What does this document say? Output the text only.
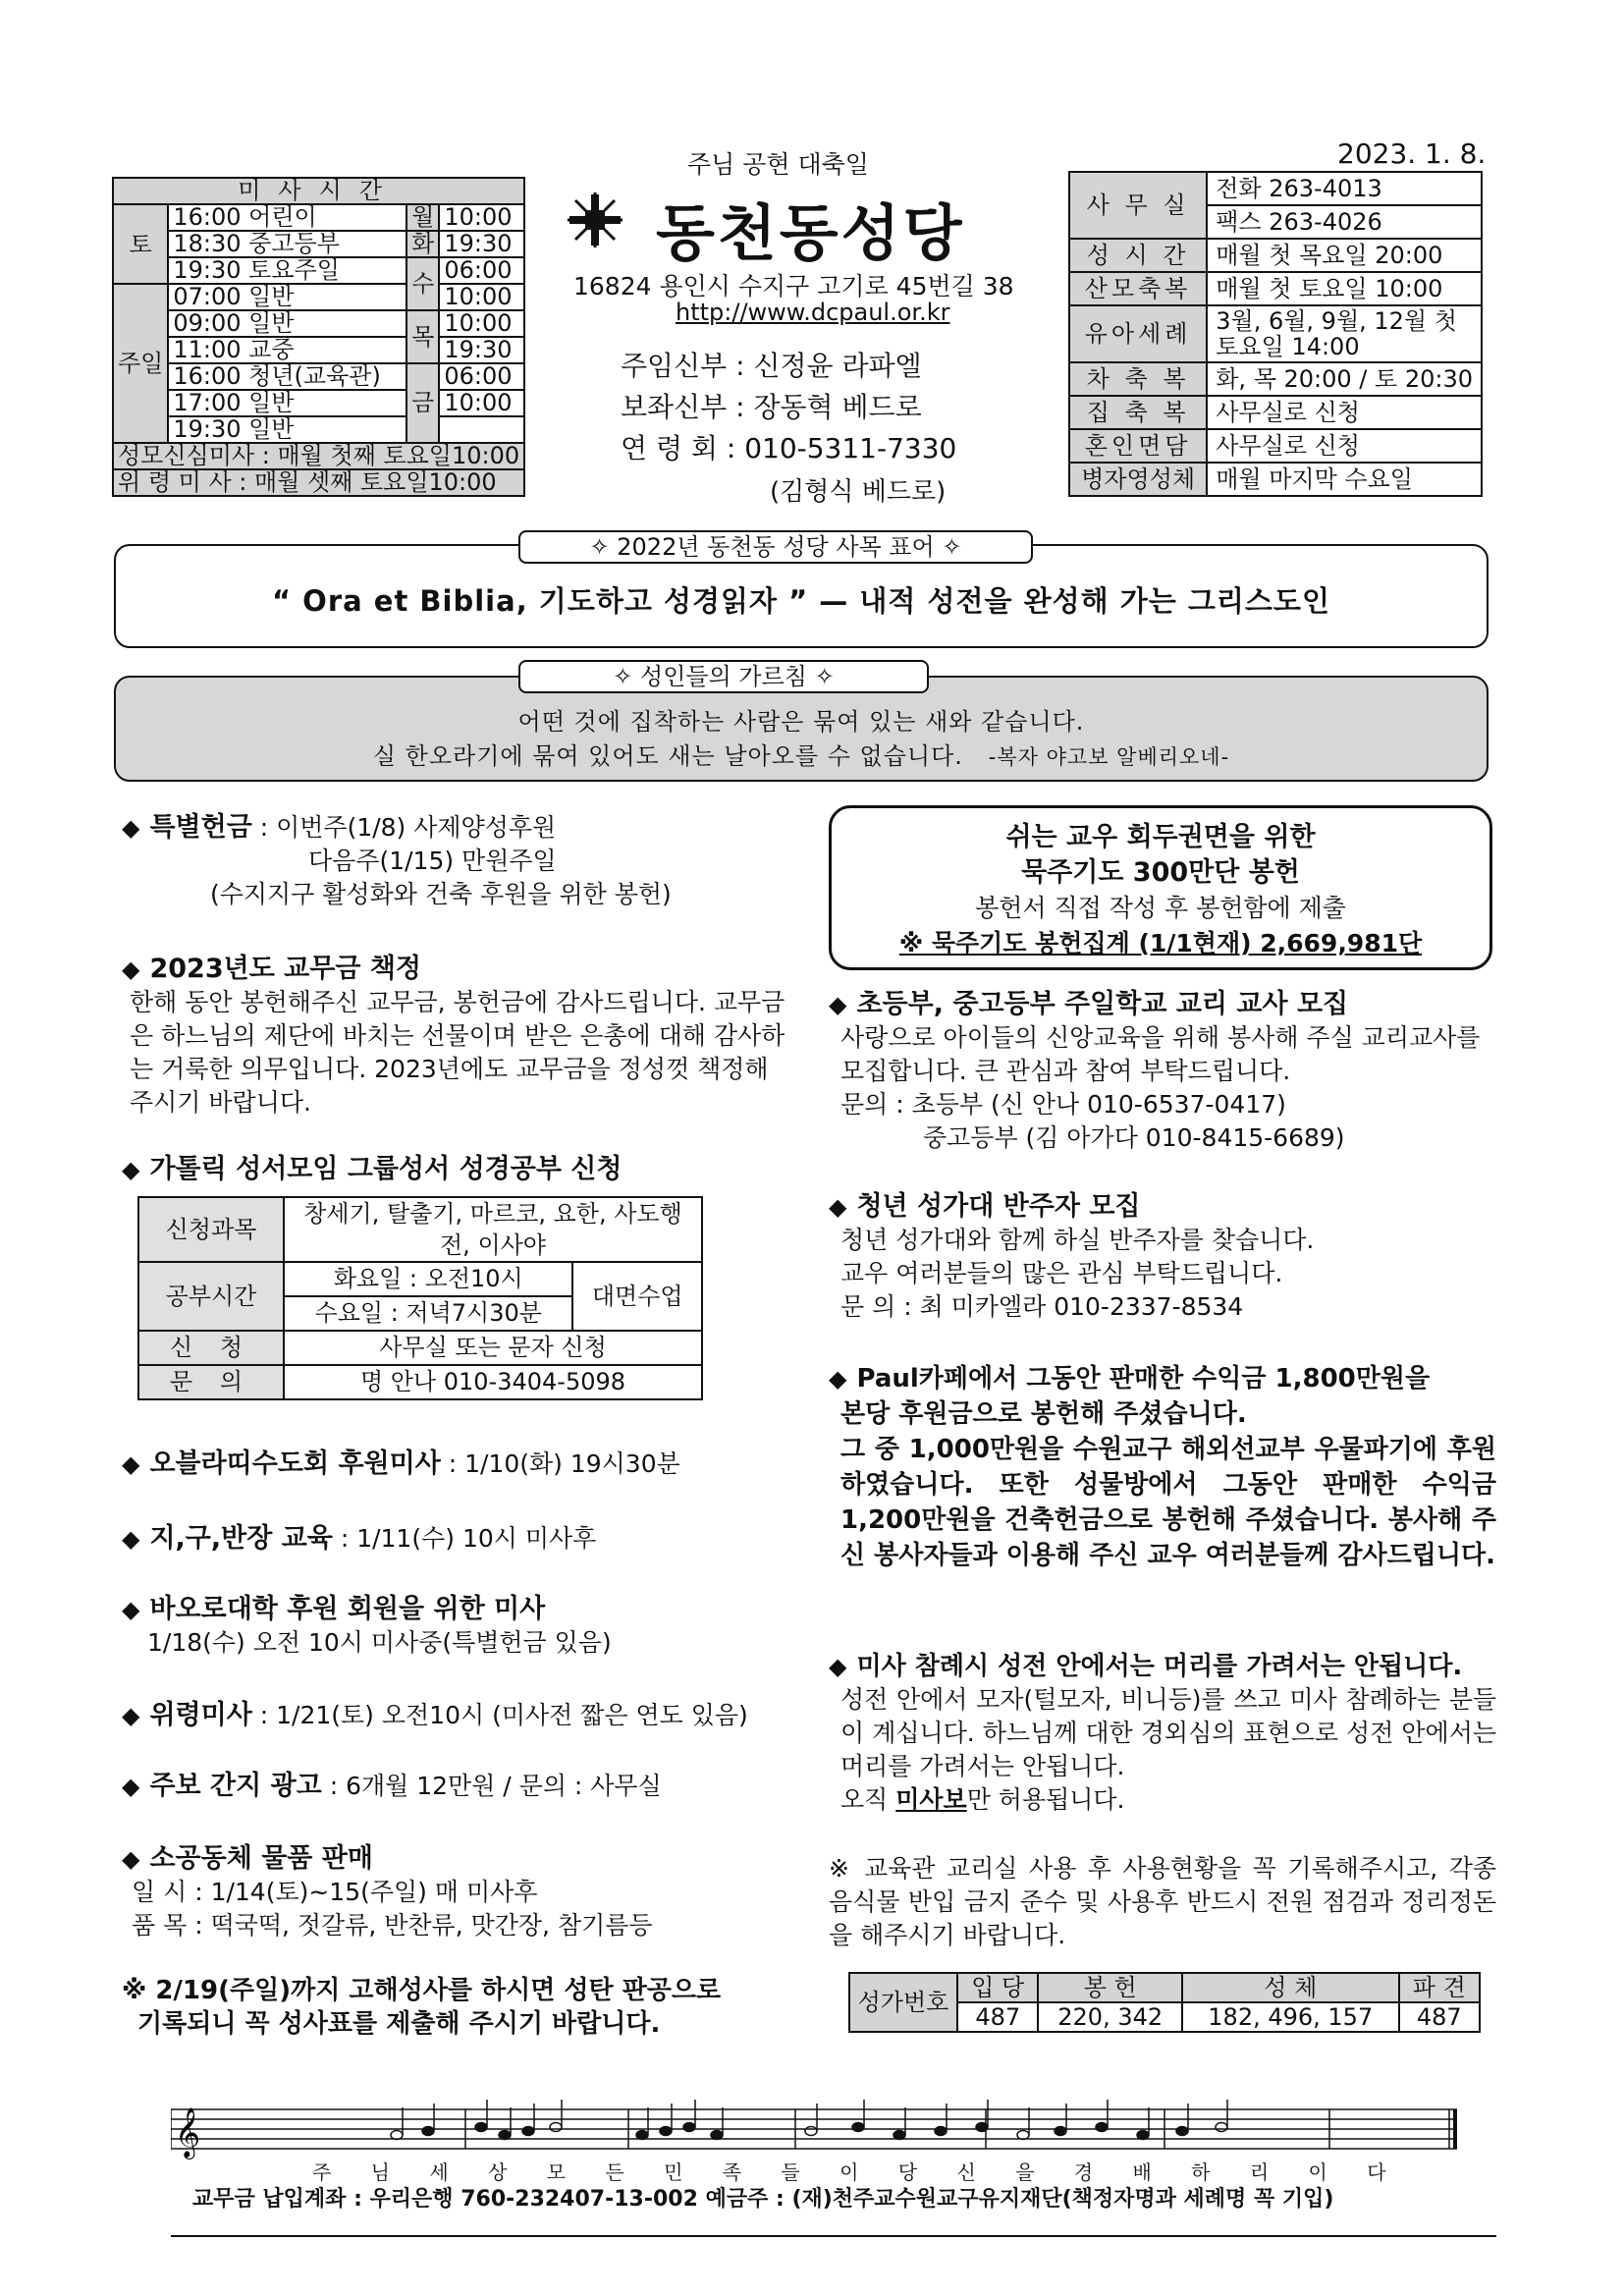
주님 공현 대축일	2023. 1. 8.
미사시간			
토	16:00 어린이	월	10:00
	18:30 중고등부	화	19:30
	19:30 토요주일	수	06:00
주일	07:00 일반		10:00
	09:00 일반	목	10:00
	11:00 교중		19:30
	16:00 청년(교육관)	금	06:00
	17:00 일반		10:00
	19:30 일반		
성모신심미사 : 매월 첫째 토요일10:00			
위 령 미 사 : 매월 셋째 토요일10:00			
동천동성당
16824 용인시 수지구 고기로 45번길 38
http://www.dcpaul.or.kr
주임신부 : 신정윤 라파엘
보좌신부 : 장동혁 베드로
연 령 회 : 010-5311-7330
(김형식 베드로)
사 무 실	전화 263-4013
	팩스 263-4026
성 시 간	매월 첫 목요일 20:00
산모축복	매월 첫 토요일 10:00
유아세례	3월, 6월, 9월, 12월 첫 토요일 14:00
차 축 복	화, 목 20:00 / 토 20:30
집 축 복	사무실로 신청
혼인면담	사무실로 신청
병자영성체	매월 마지막 수요일
✧ 2022년 동천동 성당 사목 표어 ✧
“ Ora et Biblia, 기도하고 성경읽자 ” — 내적 성전을 완성해 가는 그리스도인
✧ 성인들의 가르침 ✧
어떤 것에 집착하는 사람은 묶여 있는 새와 같습니다.
실 한오라기에 묶여 있어도 새는 날아오를 수 없습니다. -복자 야고보 알베리오네-
◆ 특별헌금 : 이번주(1/8) 사제양성후원
다음주(1/15) 만원주일
(수지지구 활성화와 건축 후원을 위한 봉헌)
◆ 2023년도 교무금 책정
한해 동안 봉헌해주신 교무금, 봉헌금에 감사드립니다. 교무금은 하느님의 제단에 바치는 선물이며 받은 은총에 대해 감사하는 거룩한 의무입니다. 2023년에도 교무금을 정성껏 책정해 주시기 바랍니다.
◆ 가톨릭 성서모임 그룹성서 성경공부 신청
신청과목	창세기, 탈출기, 마르코, 요한, 사도행전, 이사야	
공부시간	화요일 : 오전10시	대면수업
	수요일 : 저녁7시30분	
신 청	사무실 또는 문자 신청	
문 의	명 안나 010-3404-5098	
◆ 오블라띠수도회 후원미사 : 1/10(화) 19시30분
◆ 지,구,반장 교육 : 1/11(수) 10시 미사후
◆ 바오로대학 후원 회원을 위한 미사
1/18(수) 오전 10시 미사중(특별헌금 있음)
◆ 위령미사 : 1/21(토) 오전10시 (미사전 짧은 연도 있음)
◆ 주보 간지 광고 : 6개월 12만원 / 문의 : 사무실
◆ 소공동체 물품 판매
일 시 : 1/14(토)~15(주일) 매 미사후
품 목 : 떡국떡, 젓갈류, 반찬류, 맛간장, 참기름등
※ 2/19(주일)까지 고해성사를 하시면 성탄 판공으로
기록되니 꼭 성사표를 제출해 주시기 바랍니다.
쉬는 교우 회두권면을 위한
묵주기도 300만단 봉헌
봉헌서 직접 작성 후 봉헌함에 제출
※ 묵주기도 봉헌집계 (1/1현재) 2,669,981단
◆ 초등부, 중고등부 주일학교 교리 교사 모집
사랑으로 아이들의 신앙교육을 위해 봉사해 주실 교리교사를 모집합니다. 큰 관심과 참여 부탁드립니다.
문의 : 초등부 (신 안나 010-6537-0417)
중고등부 (김 아가다 010-8415-6689)
◆ 청년 성가대 반주자 모집
청년 성가대와 함께 하실 반주자를 찾습니다.
교우 여러분들의 많은 관심 부탁드립니다.
문 의 : 최 미카엘라 010-2337-8534
◆ Paul카페에서 그동안 판매한 수익금 1,800만원을
본당 후원금으로 봉헌해 주셨습니다.
그 중 1,000만원을 수원교구 해외선교부 우물파기에 후원하였습니다. 또한 성물방에서 그동안 판매한 수익금 1,200만원을 건축헌금으로 봉헌해 주셨습니다. 봉사해 주신 봉사자들과 이용해 주신 교우 여러분들께 감사드립니다.
◆ 미사 참례시 성전 안에서는 머리를 가려서는 안됩니다.
성전 안에서 모자(털모자, 비니등)를 쓰고 미사 참례하는 분들이 계십니다. 하느님께 대한 경외심의 표현으로 성전 안에서는 머리를 가려서는 안됩니다.
오직 미사보만 허용됩니다.
※ 교육관 교리실 사용 후 사용현황을 꼭 기록해주시고, 각종 음식물 반입 금지 준수 및 사용후 반드시 전원 점검과 정리정돈을 해주시기 바랍니다.
성가번호	입 당	봉 헌	성 체	파 견
	487	220, 342	182, 496, 157	487
𝄞
주 님 세 상 모 든 민 족 들 이 당 신 을 경 배 하 리 이 다
교무금 납입계좌 : 우리은행 760-232407-13-002 예금주 : (재)천주교수원교구유지재단(책정자명과 세례명 꼭 기입)
